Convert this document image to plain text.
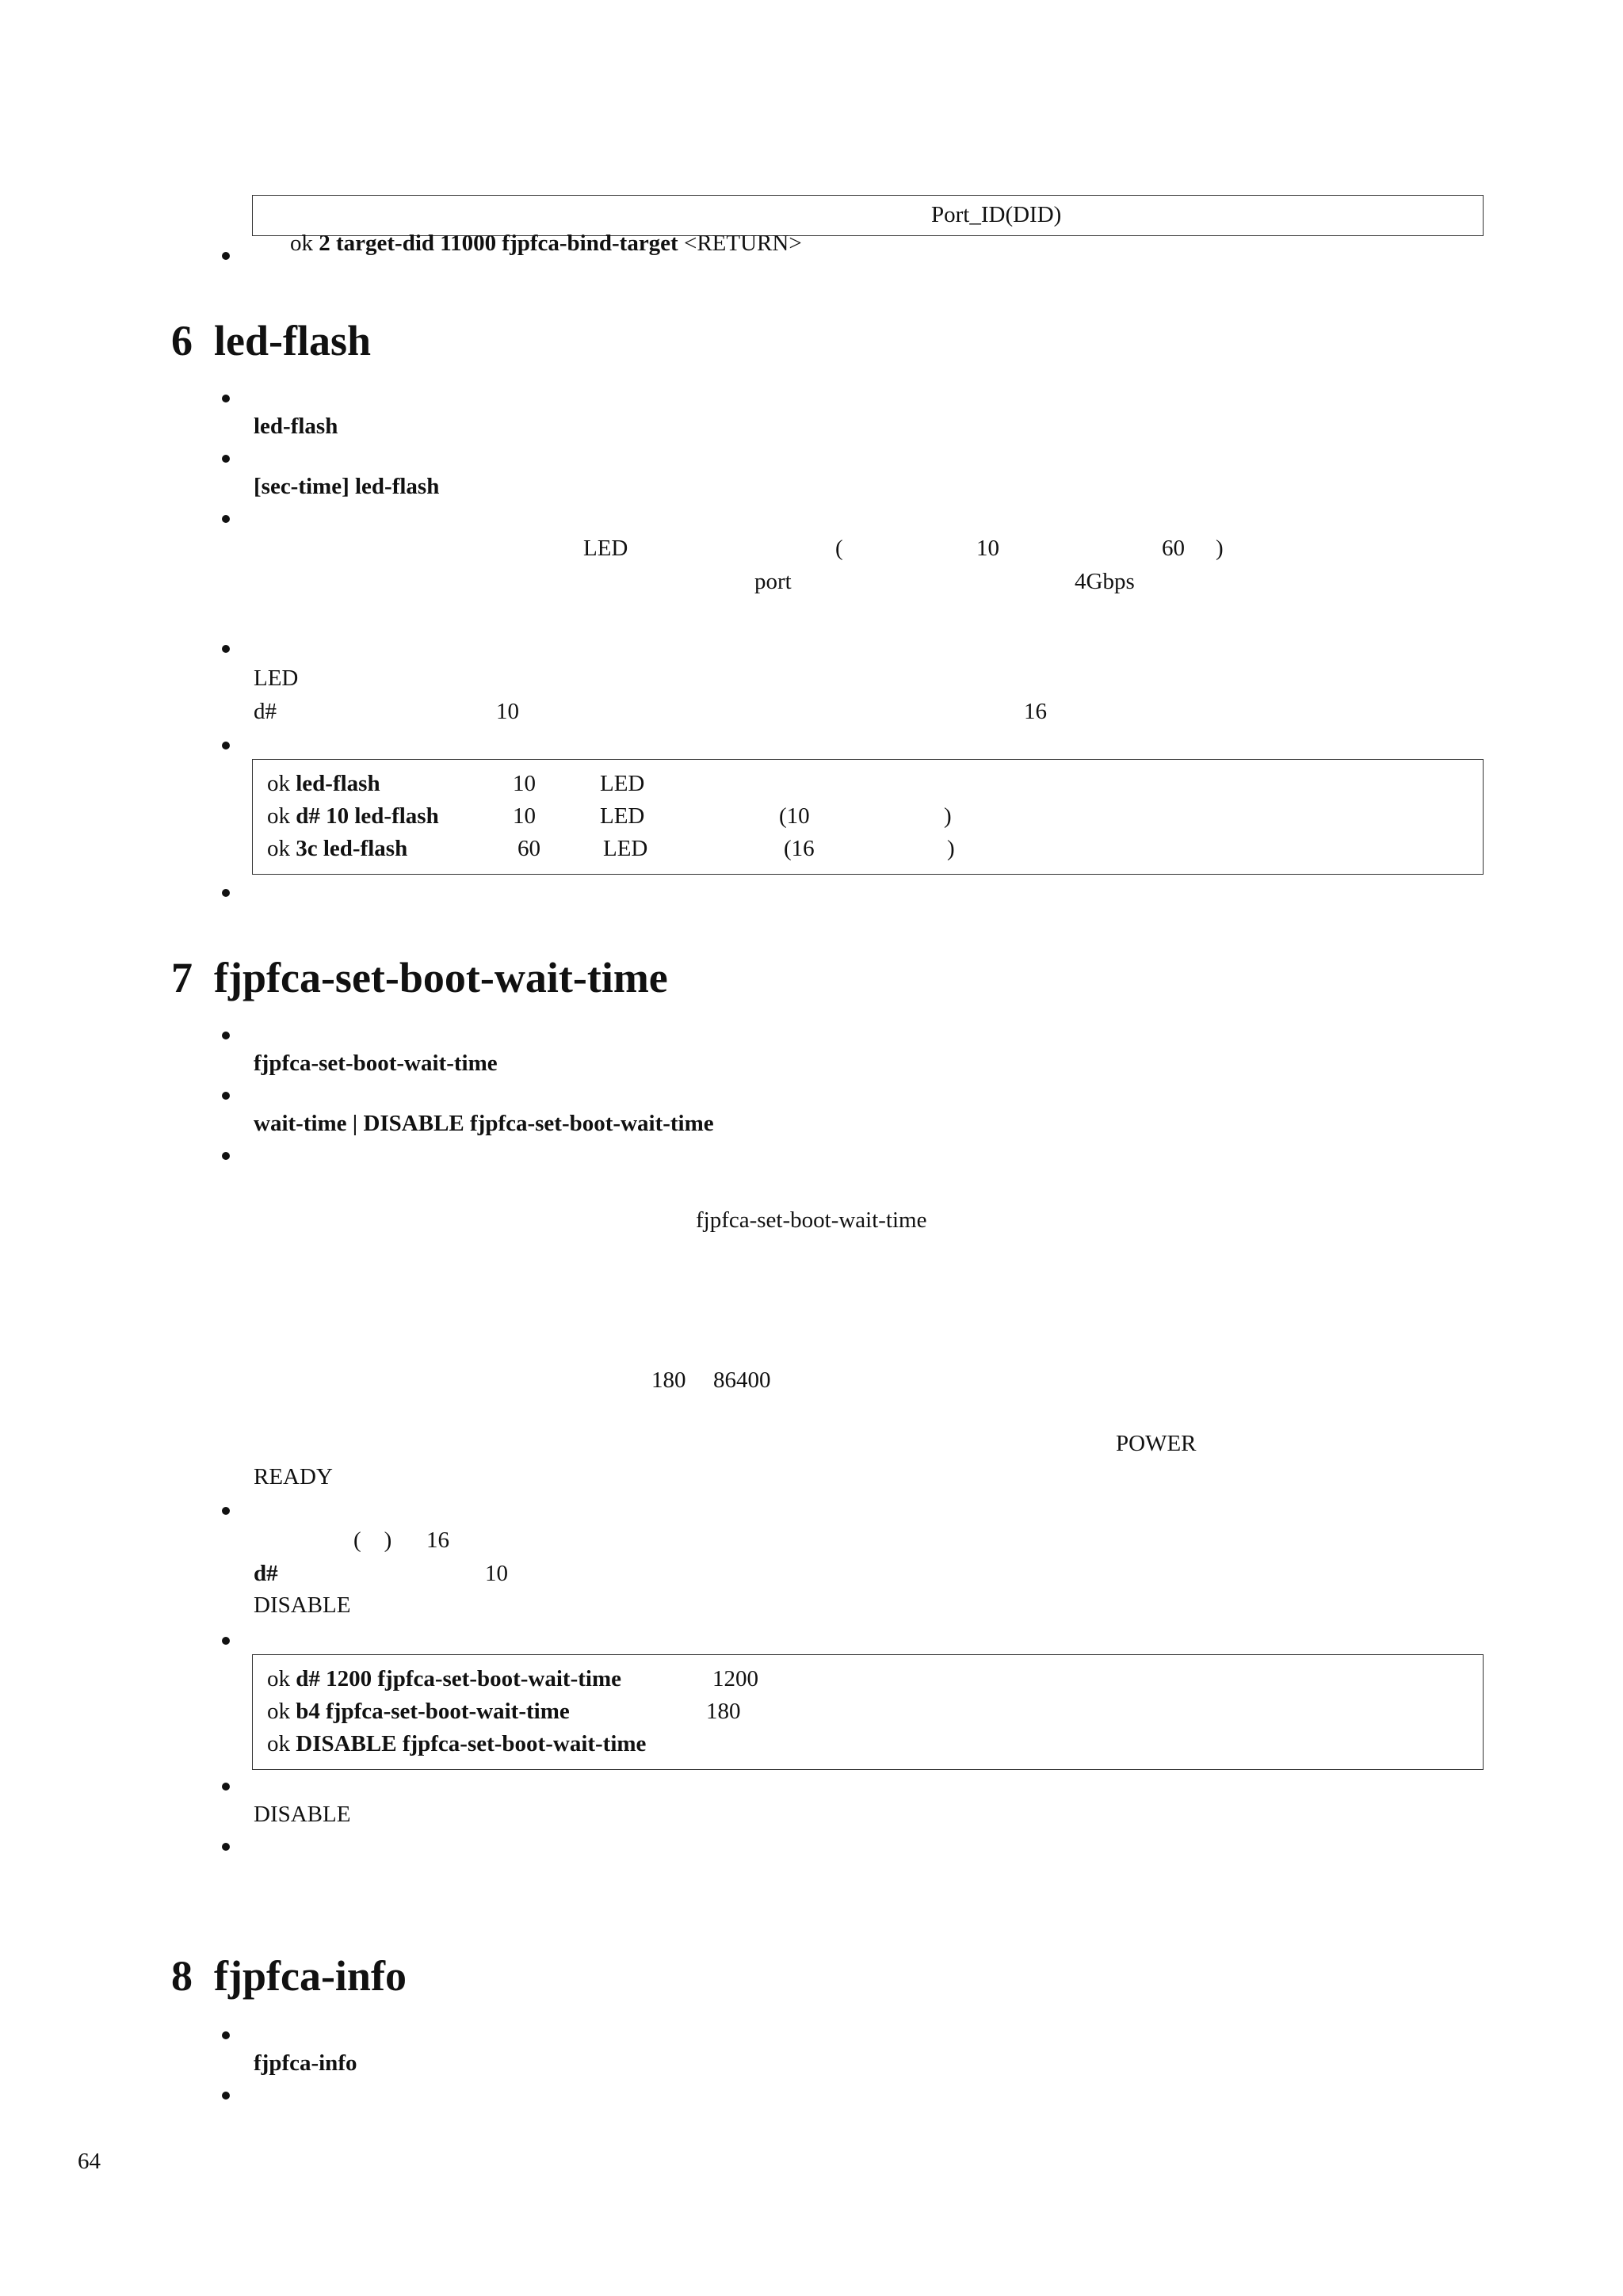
ok 2 target-did 11000 fjpfca-bind-target <RETURN>

Port_ID(DID)
6  led-flash
led-flash
[sec-time] led-flash
LED	(	10	60 )
port	4Gbps
LED
d#	10	16
ok led-flash	10	LED
ok d# 10 led-flash	10	LED	(10	)
ok 3c led-flash	60	LED	(16	)
7  fjpfca-set-boot-wait-time
fjpfca-set-boot-wait-time
wait-time | DISABLE fjpfca-set-boot-wait-time
fjpfca-set-boot-wait-time
180 86400
POWER
READY
(    ) 16
d#	10
DISABLE
ok d# 1200 fjpfca-set-boot-wait-time	1200
ok b4 fjpfca-set-boot-wait-time	180
ok DISABLE fjpfca-set-boot-wait-time
DISABLE
8  fjpfca-info
fjpfca-info
64
